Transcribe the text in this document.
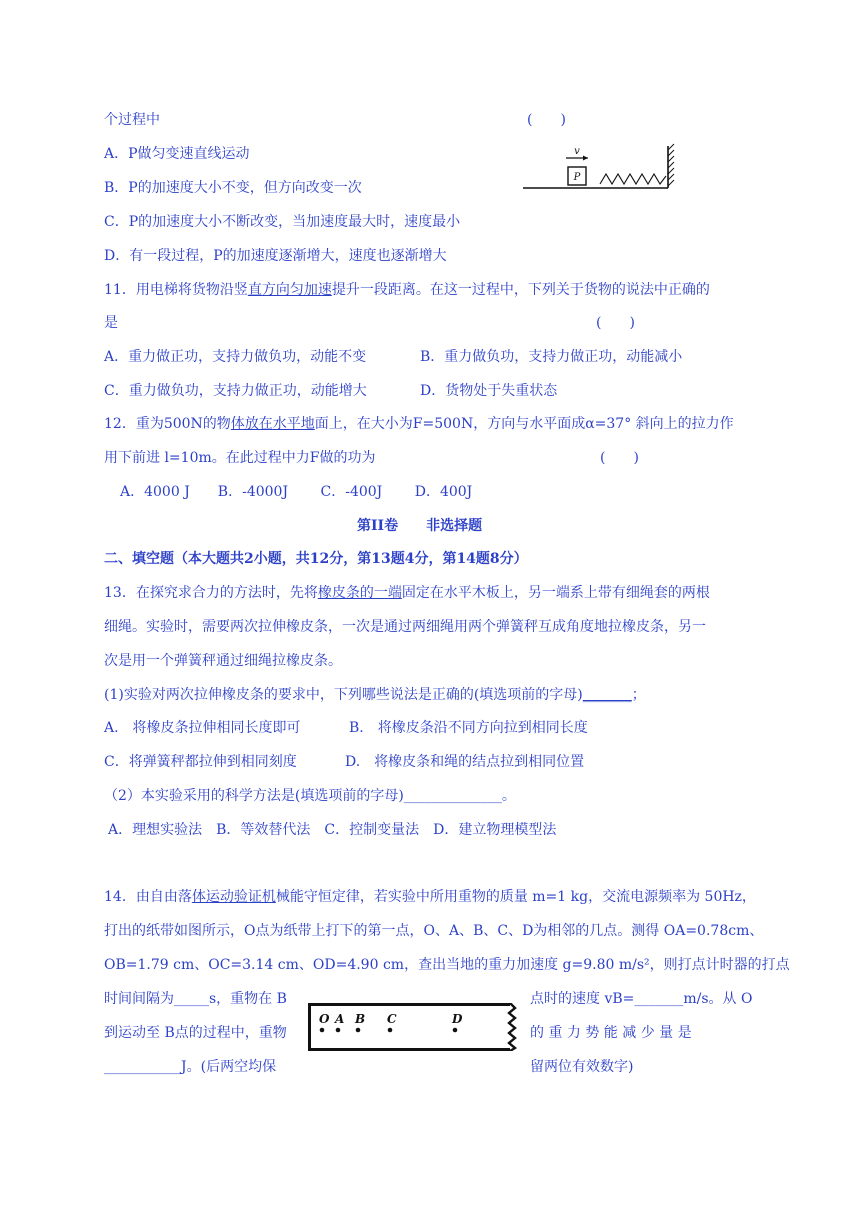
个过程中	(　　)
A．P做匀变速直线运动
B．P的加速度大小不变，但方向改变一次
C．P的加速度大小不断改变，当加速度最大时，速度最小
D．有一段过程，P的加速度逐渐增大，速度也逐渐增大
P
v
11．用电梯将货物沿竖直方向匀加速提升一段距离。在这一过程中，下列关于货物的说法中正确的
是	(　　)
A．重力做正功，支持力做负功，动能不变	B．重力做负功，支持力做正功，动能减小
C．重力做负功，支持力做正功，动能增大	D．货物处于失重状态
12．重为500N的物体放在水平地面上，在大小为F=500N，方向与水平面成α=37° 斜向上的拉力作
用下前进 l=10m。在此过程中力F做的功为	(　　)
A．4000 J　　B．-4000J　　 C．-400J　　 D．400J
第II卷　　非选择题
二、填空题（本大题共2小题，共12分，第13题4分，第14题8分）
13．在探究求合力的方法时，先将橡皮条的一端固定在水平木板上，另一端系上带有细绳套的两根
细绳。实验时，需要两次拉伸橡皮条，一次是通过两细绳用两个弹簧秤互成角度地拉橡皮条，另一
次是用一个弹簧秤通过细绳拉橡皮条。
(1)实验对两次拉伸橡皮条的要求中，下列哪些说法是正确的(填选项前的字母)_______；
A.　将橡皮条拉伸相同长度即可	B.　将橡皮条沿不同方向拉到相同长度
C．将弹簧秤都拉伸到相同刻度	D.　将橡皮条和绳的结点拉到相同位置
（2）本实验采用的科学方法是(填选项前的字母)______________。
A．理想实验法　B．等效替代法　C．控制变量法　D．建立物理模型法
14．由自由落体运动验证机械能守恒定律，若实验中所用重物的质量 m=1 kg，交流电源频率为 50Hz，
打出的纸带如图所示，O点为纸带上打下的第一点，O、A、B、C、D为相邻的几点。测得 OA=0.78cm、
OB=1.79 cm、OC=3.14 cm、OD=4.90 cm，查出当地的重力加速度 g=9.80 m/s²，则打点计时器的打点
时间间隔为_____s，重物在 B	点时的速度 vB=_______m/s。从 O
到运动至 B点的过程中，重物	的 重 力 势 能 减 少 量 是
___________J。(后两空均保	留两位有效数字)
O A B C	D
